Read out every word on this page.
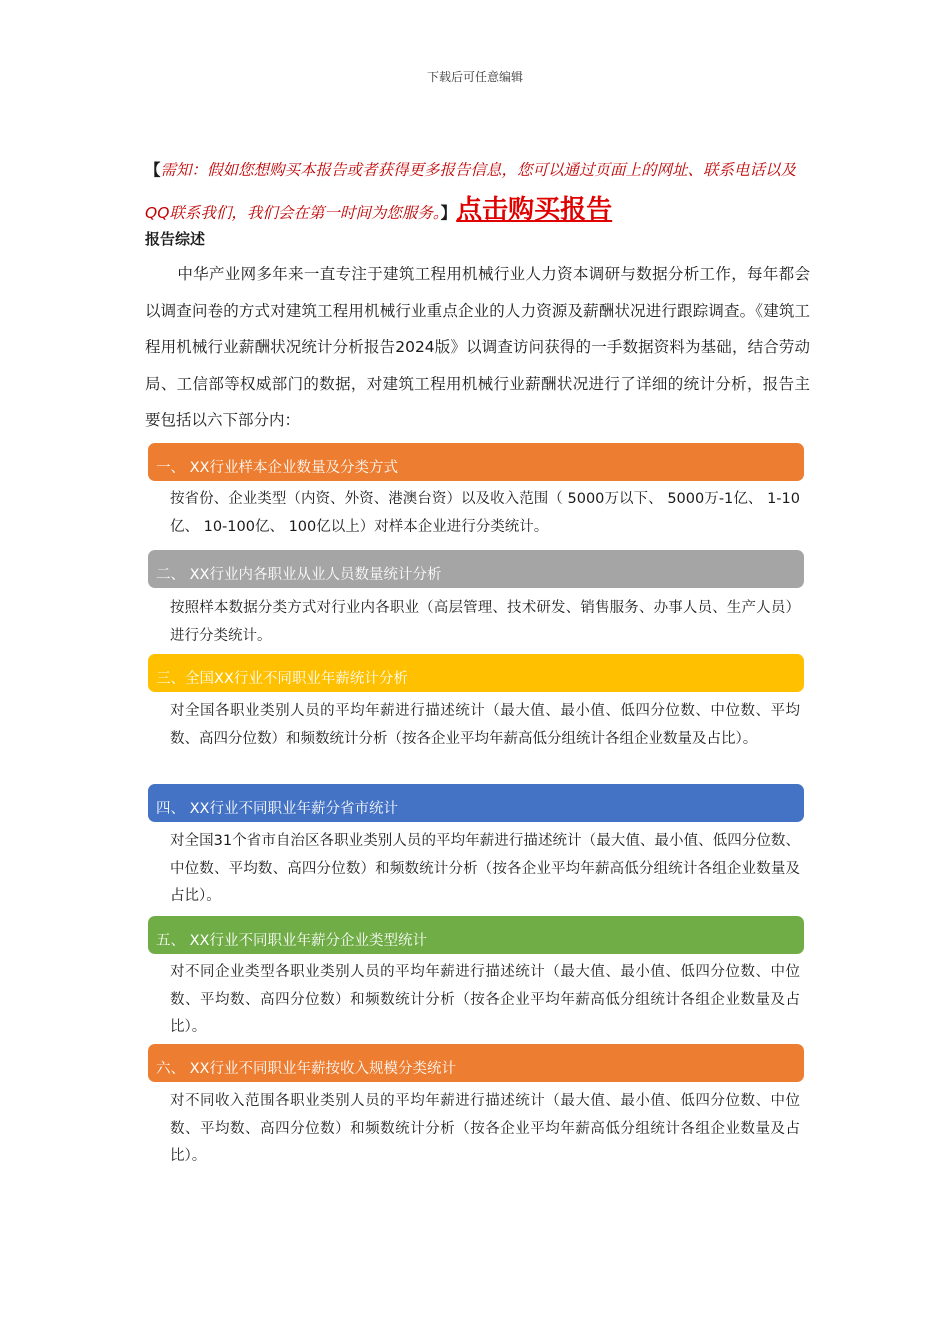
下载后可任意编辑
【需知：假如您想购买本报告或者获得更多报告信息，您可以通过页面上的网址、联系电话以及QQ联系我们，我们会在第一时间为您服务。】点击购买报告
报告综述
中华产业网多年来一直专注于建筑工程用机械行业人力资本调研与数据分析工作，每年都会以调查问卷的方式对建筑工程用机械行业重点企业的人力资源及薪酬状况进行跟踪调查。《建筑工程用机械行业薪酬状况统计分析报告2024版》以调查访问获得的一手数据资料为基础，结合劳动局、工信部等权威部门的数据，对建筑工程用机械行业薪酬状况进行了详细的统计分析，报告主要包括以六下部分内：
一、 XX行业样本企业数量及分类方式
按省份、企业类型（内资、外资、港澳台资）以及收入范围（ 5000万以下、 5000万-1亿、 1-10亿、 10-100亿、 100亿以上）对样本企业进行分类统计。
二、 XX行业内各职业从业人员数量统计分析
按照样本数据分类方式对行业内各职业（高层管理、技术研发、销售服务、办事人员、生产人员）进行分类统计。
三、全国XX行业不同职业年薪统计分析
对全国各职业类别人员的平均年薪进行描述统计（最大值、最小值、低四分位数、中位数、平均数、高四分位数）和频数统计分析（按各企业平均年薪高低分组统计各组企业数量及占比）。
四、 XX行业不同职业年薪分省市统计
对全国31个省市自治区各职业类别人员的平均年薪进行描述统计（最大值、最小值、低四分位数、中位数、平均数、高四分位数）和频数统计分析（按各企业平均年薪高低分组统计各组企业数量及占比）。
五、 XX行业不同职业年薪分企业类型统计
对不同企业类型各职业类别人员的平均年薪进行描述统计（最大值、最小值、低四分位数、中位数、平均数、高四分位数）和频数统计分析（按各企业平均年薪高低分组统计各组企业数量及占比）。
六、 XX行业不同职业年薪按收入规模分类统计
对不同收入范围各职业类别人员的平均年薪进行描述统计（最大值、最小值、低四分位数、中位数、平均数、高四分位数）和频数统计分析（按各企业平均年薪高低分组统计各组企业数量及占比）。
